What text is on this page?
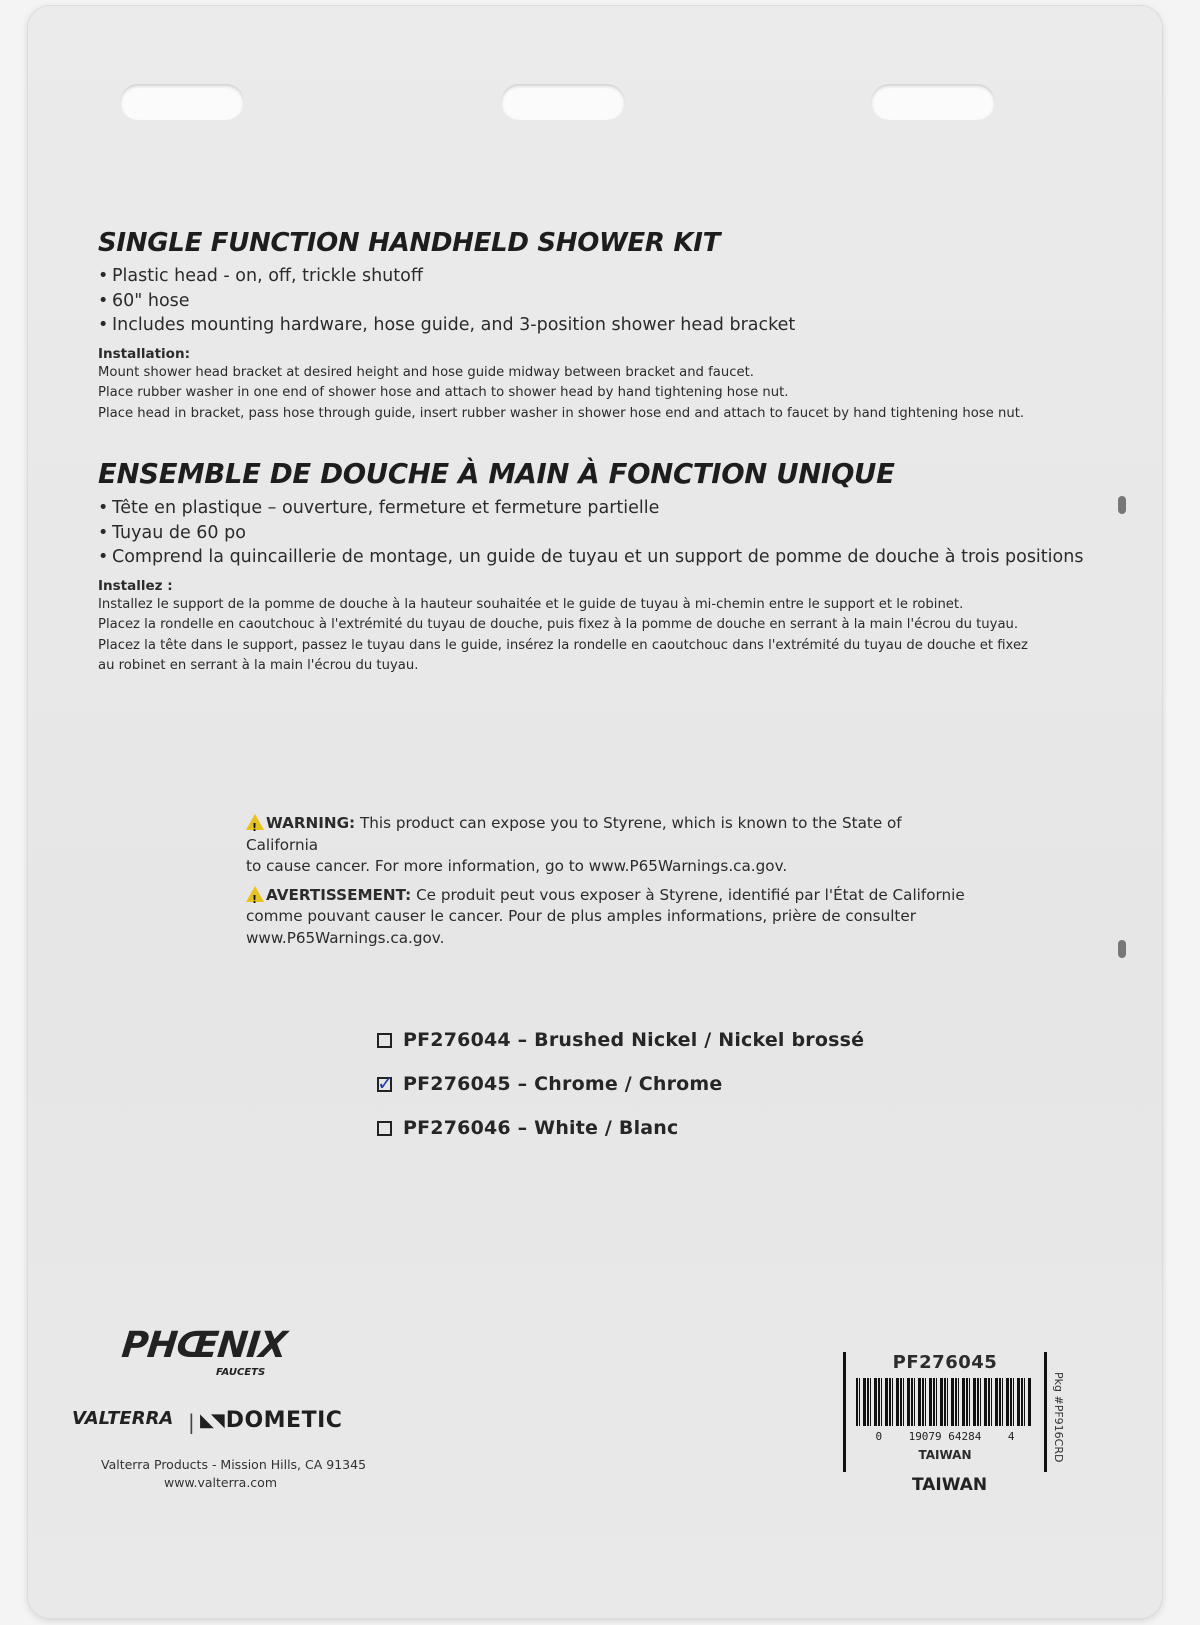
SINGLE FUNCTION HANDHELD SHOWER KIT
• Plastic head - on, off, trickle shutoff
• 60" hose
• Includes mounting hardware, hose guide, and 3-position shower head bracket
Installation:
Mount shower head bracket at desired height and hose guide midway between bracket and faucet.
Place rubber washer in one end of shower hose and attach to shower head by hand tightening hose nut.
Place head in bracket, pass hose through guide, insert rubber washer in shower hose end and attach to faucet by hand tightening hose nut.
ENSEMBLE DE DOUCHE À MAIN À FONCTION UNIQUE
• Tête en plastique – ouverture, fermeture et fermeture partielle
• Tuyau de 60 po
• Comprend la quincaillerie de montage, un guide de tuyau et un support de pomme de douche à trois positions
Installez :
Installez le support de la pomme de douche à la hauteur souhaitée et le guide de tuyau à mi-chemin entre le support et le robinet.
Placez la rondelle en caoutchouc à l'extrémité du tuyau de douche, puis fixez à la pomme de douche en serrant à la main l'écrou du tuyau.
Placez la tête dans le support, passez le tuyau dans le guide, insérez la rondelle en caoutchouc dans l'extrémité du tuyau de douche et fixez
au robinet en serrant à la main l'écrou du tuyau.

!WARNING: This product can expose you to Styrene, which is known to the State of California
to cause cancer. For more information, go to www.P65Warnings.ca.gov.

!AVERTISSEMENT: Ce produit peut vous exposer à Styrene, identifié par l'État de Californie
comme pouvant causer le cancer. Pour de plus amples informations, prière de consulter
www.P65Warnings.ca.gov.

PF276044 – Brushed Nickel / Nickel brossé
✓
PF276045 – Chrome / Chrome
PF276046 – White / Blanc
PHŒNIX
FAUCETS
VALTERRA | ◣◥ DOMETIC
Valterra Products - Mission Hills, CA 91345
www.valterra.com
PF276045
0    19079 64284    4
TAIWAN
TAIWAN
Pkg #PF916CRD
